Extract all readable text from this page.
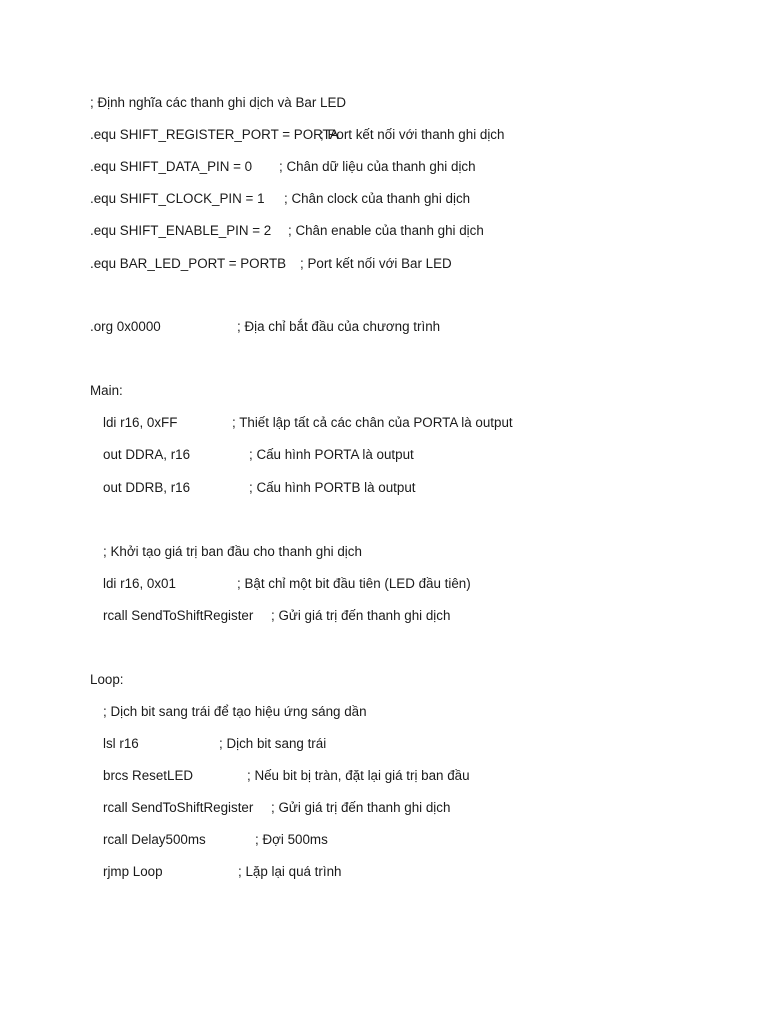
; Định nghĩa các thanh ghi dịch và Bar LED
.equ SHIFT_REGISTER_PORT = PORTA
; Port kết nối với thanh ghi dịch
.equ SHIFT_DATA_PIN = 0 ; Chân dữ liệu của thanh ghi dịch
.equ SHIFT_CLOCK_PIN = 1 ; Chân clock của thanh ghi dịch
.equ SHIFT_ENABLE_PIN = 2 ; Chân enable của thanh ghi dịch
.equ BAR_LED_PORT = PORTB ; Port kết nối với Bar LED
.org 0x0000	; Địa chỉ bắt đầu của chương trình
Main:
ldi r16, 0xFF	; Thiết lập tất cả các chân của PORTA là output
out DDRA, r16	; Cấu hình PORTA là output
out DDRB, r16	; Cấu hình PORTB là output
; Khởi tạo giá trị ban đầu cho thanh ghi dịch
ldi r16, 0x01	; Bật chỉ một bit đầu tiên (LED đầu tiên)
rcall SendToShiftRegister ; Gửi giá trị đến thanh ghi dịch
Loop:
; Dịch bit sang trái để tạo hiệu ứng sáng dần
lsl r16	; Dịch bit sang trái
brcs ResetLED	; Nếu bit bị tràn, đặt lại giá trị ban đầu
rcall SendToShiftRegister ; Gửi giá trị đến thanh ghi dịch
rcall Delay500ms	; Đợi 500ms
rjmp Loop	; Lặp lại quá trình
